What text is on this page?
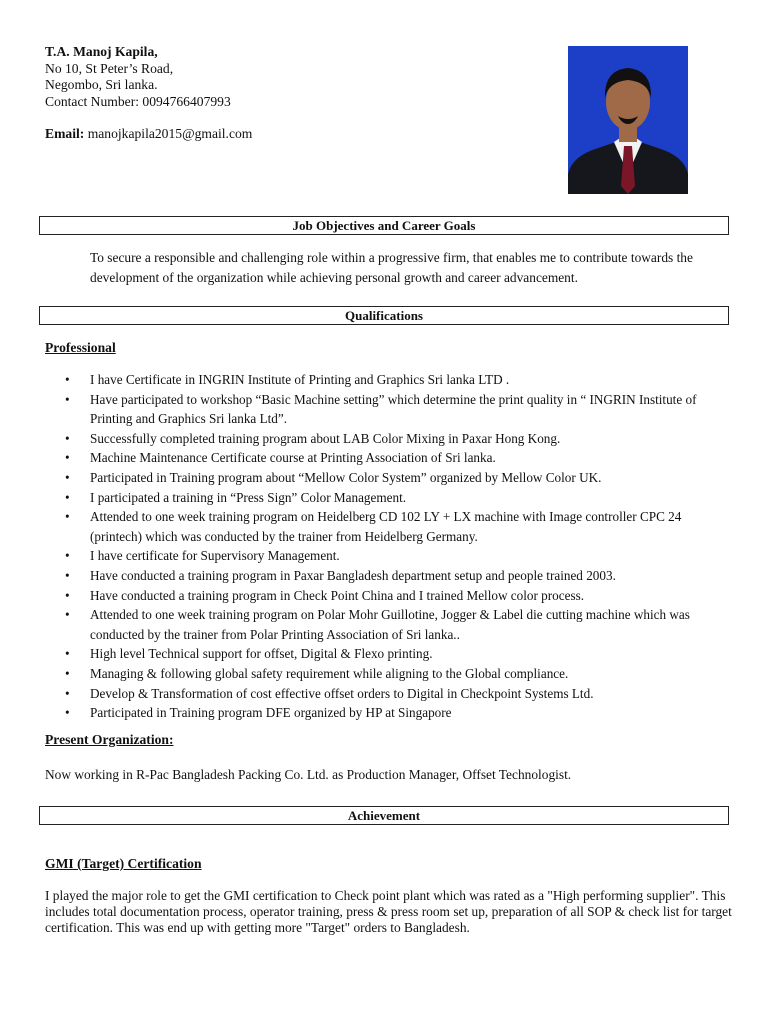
T.A. Manoj Kapila,
No 10, St Peter’s Road,
Negombo, Sri lanka.
Contact Number: 0094766407993
Email: manojkapila2015@gmail.com
Job Objectives and Career Goals
To secure a responsible and challenging role within a progressive firm, that enables me to contribute towards the development of the organization while achieving personal growth and career advancement.
Qualifications
Professional
• I have Certificate in INGRIN Institute of Printing and Graphics Sri lanka LTD .
• Have participated to workshop “Basic Machine setting” which determine the print quality in “ INGRIN Institute of Printing and Graphics Sri lanka Ltd”.
• Successfully completed training program about LAB Color Mixing in Paxar Hong Kong.
• Machine Maintenance Certificate course at Printing Association of Sri lanka.
• Participated in Training program about “Mellow Color System” organized by Mellow Color UK.
• I participated a training in “Press Sign” Color Management.
• Attended to one week training program on Heidelberg CD 102 LY + LX machine with Image controller CPC 24 (printech) which was conducted by the trainer from Heidelberg Germany.
• I have certificate for Supervisory Management.
• Have conducted a training program in Paxar Bangladesh department setup and people trained 2003.
• Have conducted a training program in Check Point China and I trained Mellow color process.
• Attended to one week training program on Polar Mohr Guillotine, Jogger & Label die cutting machine which was conducted by the trainer from Polar Printing Association of Sri lanka..
• High level Technical support for offset, Digital & Flexo printing.
• Managing & following global safety requirement while aligning to the Global compliance.
• Develop & Transformation of cost effective offset orders to Digital in Checkpoint Systems Ltd.
• Participated in Training program DFE organized by HP at Singapore
Present Organization:
Now working in R-Pac Bangladesh Packing Co. Ltd. as Production Manager, Offset Technologist.
Achievement
GMI (Target) Certification
I played the major role to get the GMI certification to Check point plant which was rated as a "High performing supplier". This includes total documentation process, operator training, press & press room set up, preparation of all SOP & check list for target certification. This was end up with getting more "Target" orders to Bangladesh.
